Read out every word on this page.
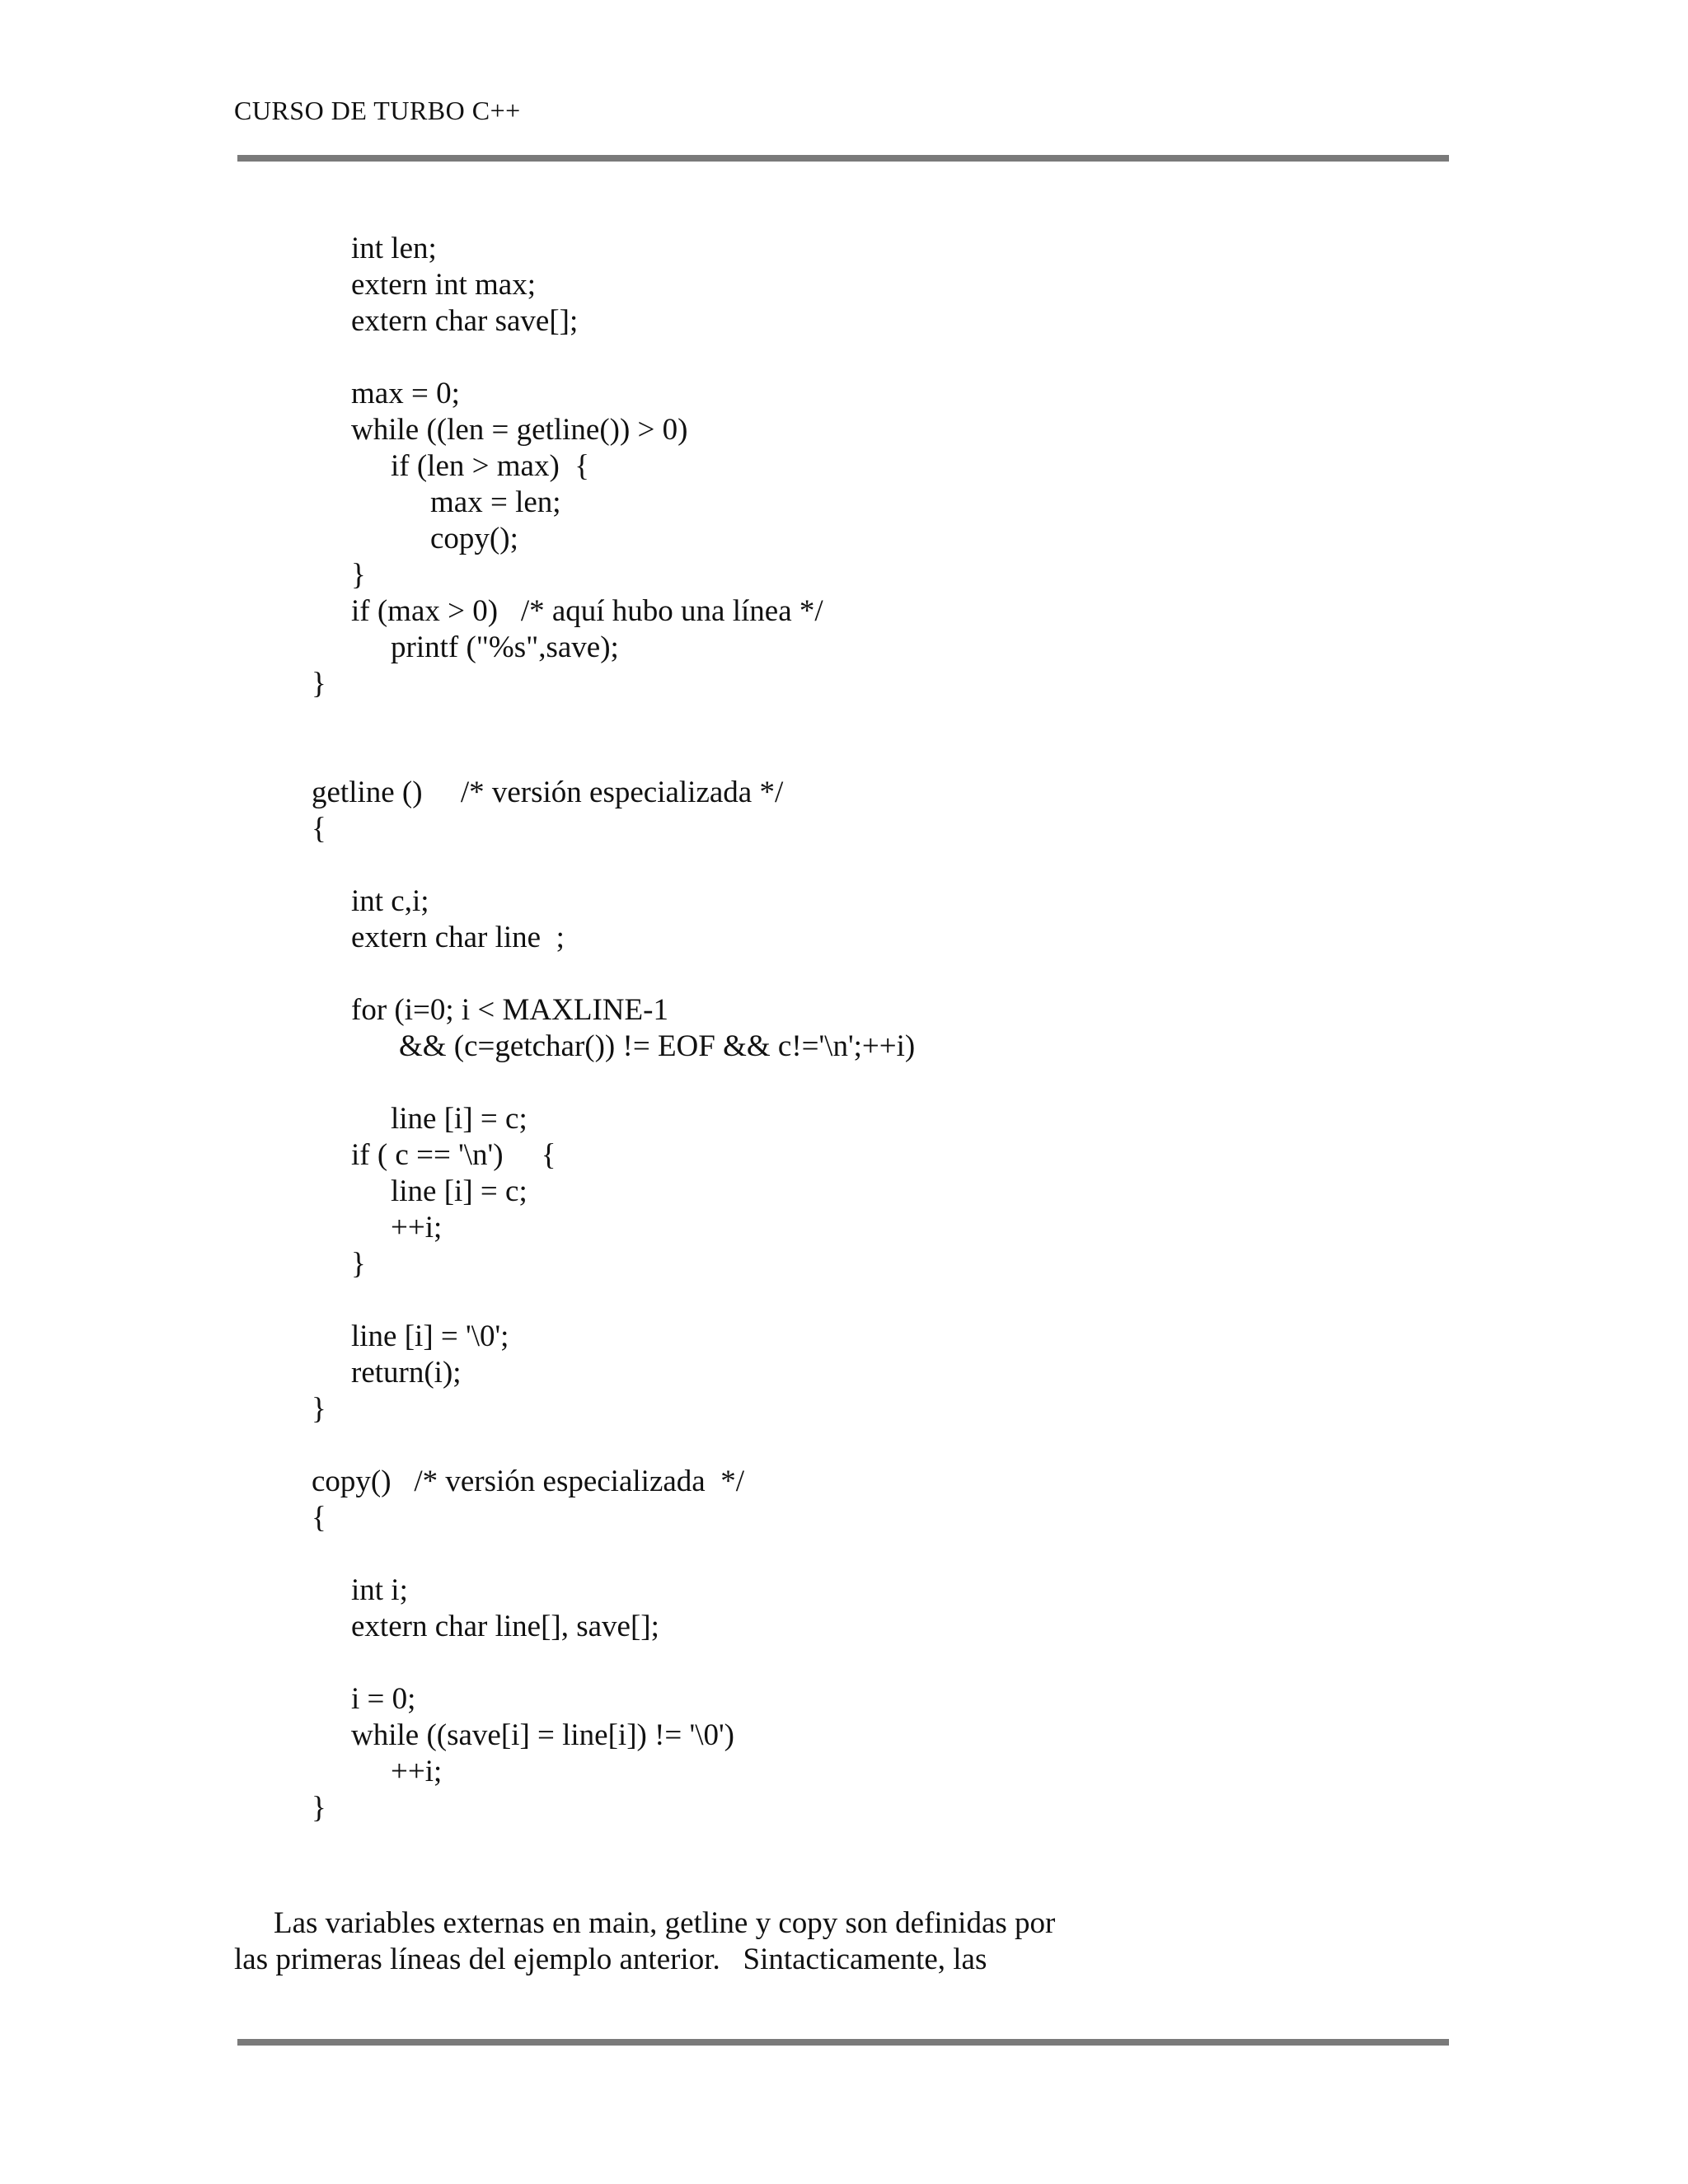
CURSO DE TURBO C++
int len;
extern int max;
extern char save[];
max = 0;
while ((len = getline()) > 0)
if (len > max)  {
max = len;
copy();
}
if (max > 0)   /* aquí hubo una línea */
printf ("%s",save);
}
getline ()     /* versión especializada */
{
int c,i;
extern char line  ;
for (i=0; i < MAXLINE-1
&& (c=getchar()) != EOF && c!='\n';++i)
line [i] = c;
if ( c == '\n')     {
line [i] = c;
++i;
}
line [i] = '\0';
return(i);
}
copy()   /* versión especializada  */
{
int i;
extern char line[], save[];
i = 0;
while ((save[i] = line[i]) != '\0')
++i;
}
Las variables externas en main, getline y copy son definidas por
las primeras líneas del ejemplo anterior.   Sintacticamente, las
